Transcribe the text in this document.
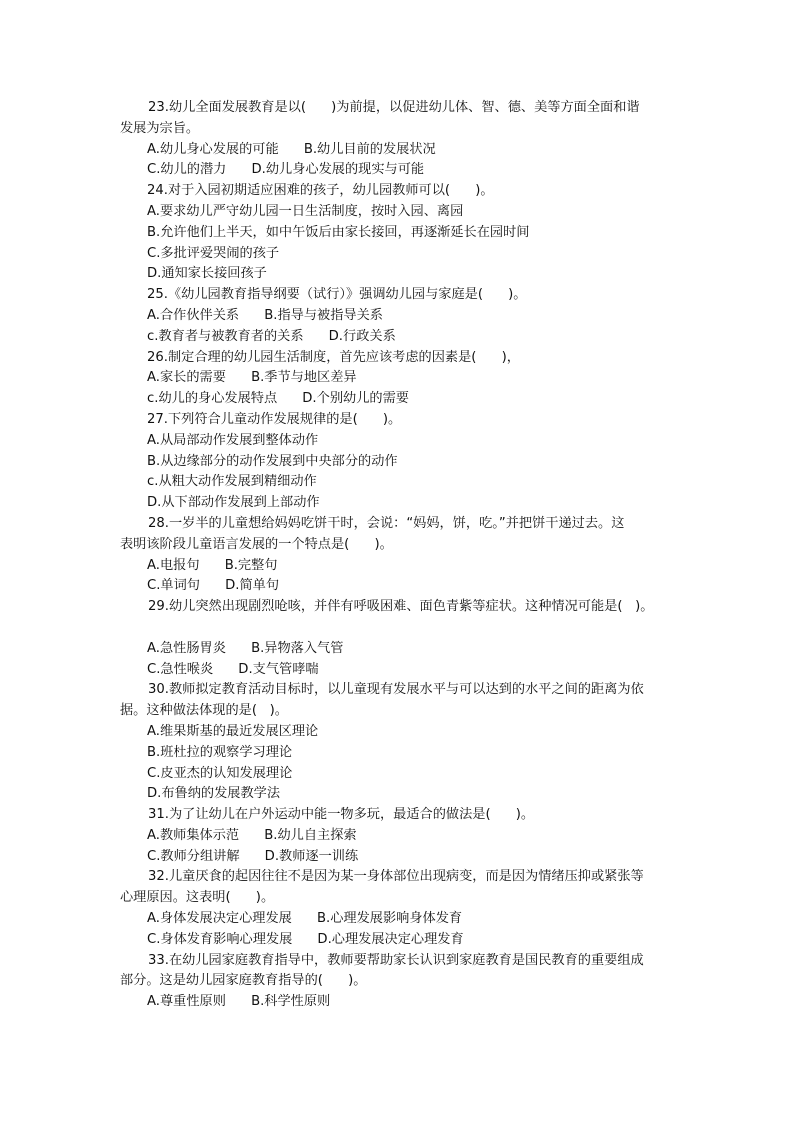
23.幼儿全面发展教育是以(      )为前提，以促进幼儿体、智、德、美等方面全面和谐
发展为宗旨。
A.幼儿身心发展的可能      B.幼儿目前的发展状况
C.幼儿的潜力      D.幼儿身心发展的现实与可能
24.对于入园初期适应困难的孩子，幼儿园教师可以(      )。
A.要求幼儿严守幼儿园一日生活制度，按时入园、离园
B.允许他们上半天，如中午饭后由家长接回，再逐渐延长在园时间
C.多批评爱哭闹的孩子
D.通知家长接回孩子
25.《幼儿园教育指导纲要（试行）》强调幼儿园与家庭是(      )。
A.合作伙伴关系      B.指导与被指导关系
c.教育者与被教育者的关系      D.行政关系
26.制定合理的幼儿园生活制度，首先应该考虑的因素是(      )，
A.家长的需要      B.季节与地区差异
c.幼儿的身心发展特点      D.个别幼儿的需要
27.下列符合儿童动作发展规律的是(      )。
A.从局部动作发展到整体动作
B.从边缘部分的动作发展到中央部分的动作
c.从粗大动作发展到精细动作
D.从下部动作发展到上部动作
28.一岁半的儿童想给妈妈吃饼干时，会说：“妈妈，饼，吃。”并把饼干递过去。这
表明该阶段儿童语言发展的一个特点是(      )。
A.电报句      B.完整句
C.单词句      D.简单句
29.幼儿突然出现剧烈呛咳，并伴有呼吸困难、面色青紫等症状。这种情况可能是(   )。
A.急性肠胃炎      B.异物落入气管
C.急性喉炎      D.支气管哮喘
30.教师拟定教育活动目标时，以儿童现有发展水平与可以达到的水平之间的距离为依
据。这种做法体现的是(   )。
A.维果斯基的最近发展区理论
B.班杜拉的观察学习理论
C.皮亚杰的认知发展理论
D.布鲁纳的发展教学法
31.为了让幼儿在户外运动中能一物多玩，最适合的做法是(      )。
A.教师集体示范      B.幼儿自主探索
C.教师分组讲解      D.教师逐一训练
32.儿童厌食的起因往往不是因为某一身体部位出现病变，而是因为情绪压抑或紧张等
心理原因。这表明(      )。
A.身体发展决定心理发展      B.心理发展影响身体发育
C.身体发育影响心理发展      D.心理发展决定心理发育
33.在幼儿园家庭教育指导中，教师要帮助家长认识到家庭教育是国民教育的重要组成
部分。这是幼儿园家庭教育指导的(      )。
A.尊重性原则      B.科学性原则
